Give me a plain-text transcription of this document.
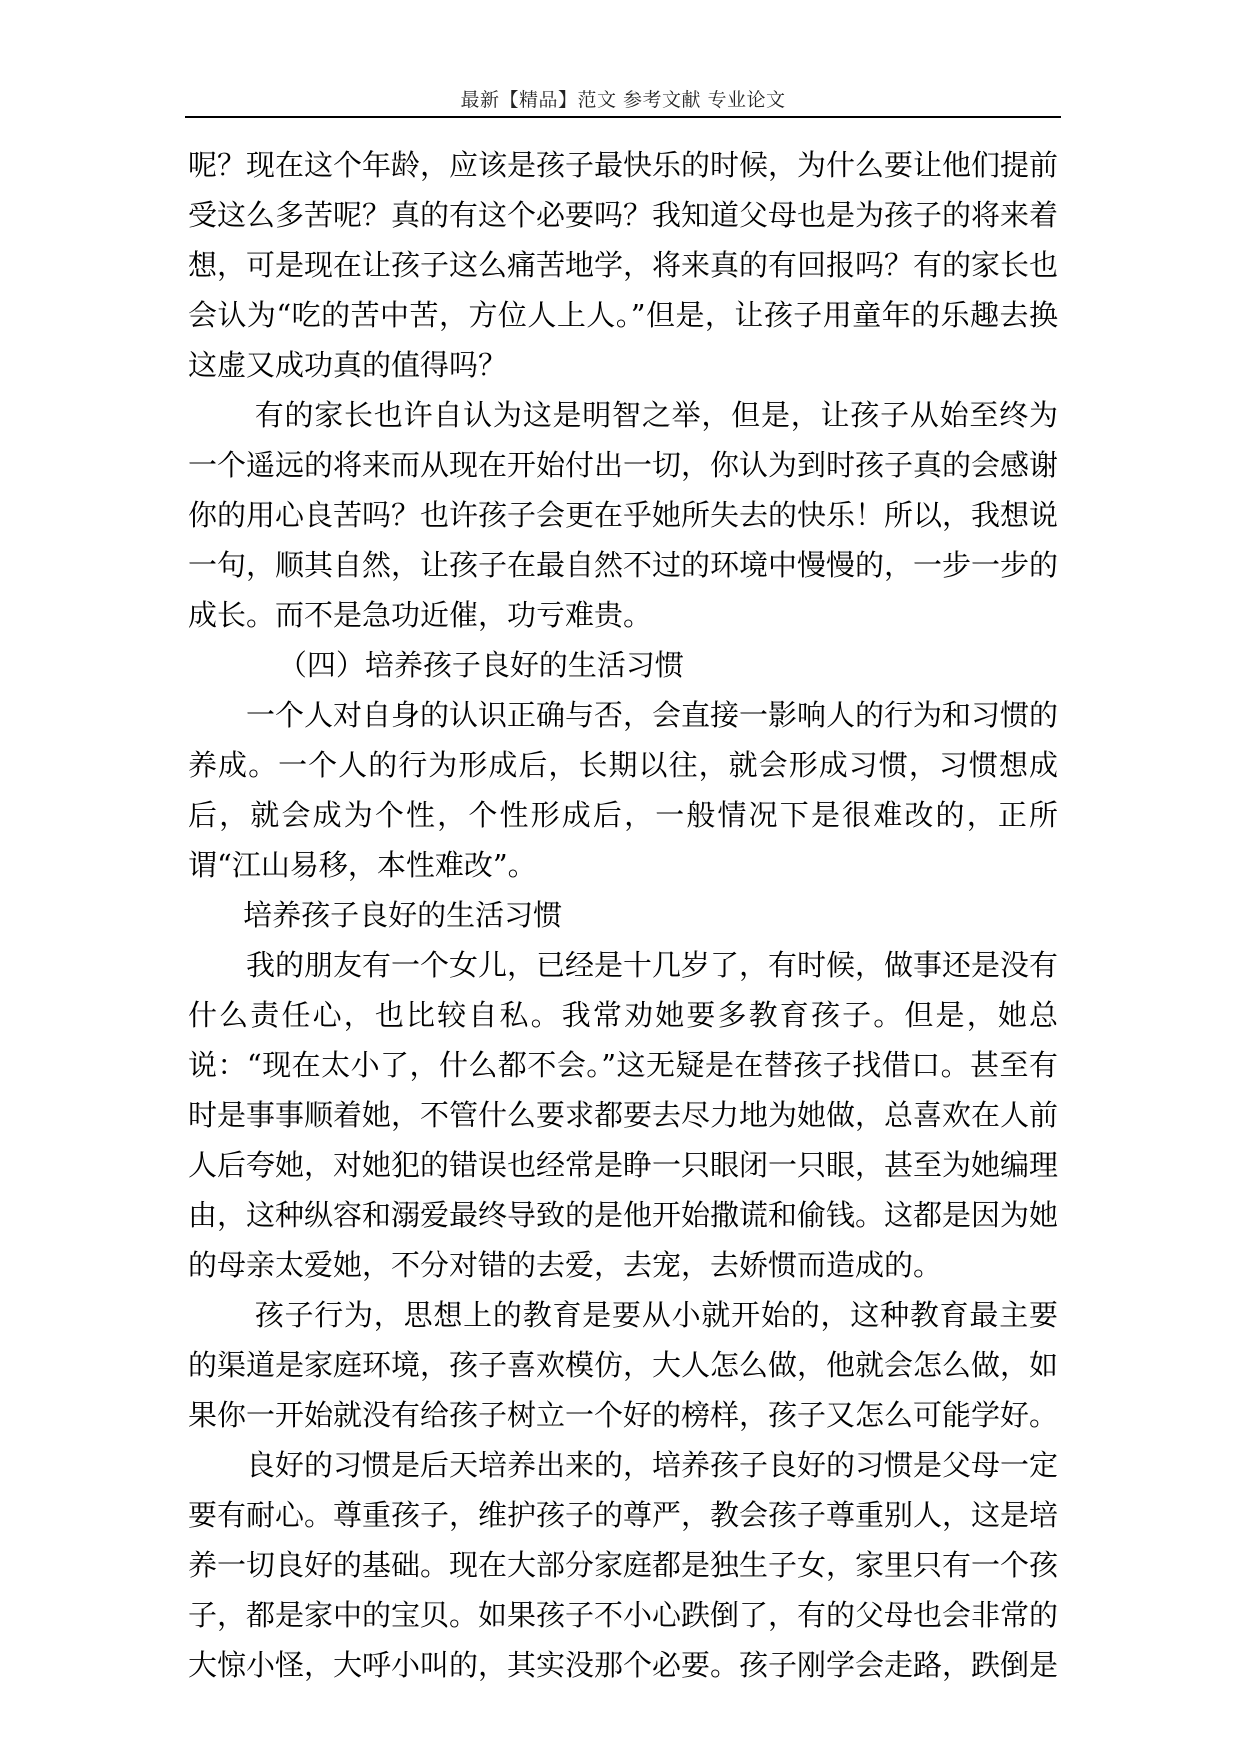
最新【精品】范文 参考文献 专业论文

呢？现在这个年龄，应该是孩子最快乐的时候，为什么要让他们提前受这么多苦呢？真的有这个必要吗？我知道父母也是为孩子的将来着想，可是现在让孩子这么痛苦地学，将来真的有回报吗？有的家长也会认为“吃的苦中苦，方位人上人。”但是，让孩子用童年的乐趣去换这虚又成功真的值得吗？

有的家长也许自认为这是明智之举，但是，让孩子从始至终为一个遥远的将来而从现在开始付出一切，你认为到时孩子真的会感谢你的用心良苦吗？也许孩子会更在乎她所失去的快乐！所以，我想说一句，顺其自然，让孩子在最自然不过的环境中慢慢的，一步一步的成长。而不是急功近催，功亏难贵。

（四）培养孩子良好的生活习惯

一个人对自身的认识正确与否，会直接一影响人的行为和习惯的养成。一个人的行为形成后，长期以往，就会形成习惯，习惯想成后，就会成为个性，个性形成后，一般情况下是很难改的，正所谓“江山易移，本性难改”。

培养孩子良好的生活习惯

我的朋友有一个女儿，已经是十几岁了，有时候，做事还是没有什么责任心，也比较自私。我常劝她要多教育孩子。但是，她总说：“现在太小了，什么都不会。”这无疑是在替孩子找借口。甚至有时是事事顺着她，不管什么要求都要去尽力地为她做，总喜欢在人前人后夸她，对她犯的错误也经常是睁一只眼闭一只眼，甚至为她编理由，这种纵容和溺爱最终导致的是他开始撒谎和偷钱。这都是因为她的母亲太爱她，不分对错的去爱，去宠，去娇惯而造成的。

孩子行为，思想上的教育是要从小就开始的，这种教育最主要的渠道是家庭环境，孩子喜欢模仿，大人怎么做，他就会怎么做，如果你一开始就没有给孩子树立一个好的榜样，孩子又怎么可能学好。

良好的习惯是后天培养出来的，培养孩子良好的习惯是父母一定要有耐心。尊重孩子，维护孩子的尊严，教会孩子尊重别人，这是培养一切良好的基础。现在大部分家庭都是独生子女，家里只有一个孩子，都是家中的宝贝。如果孩子不小心跌倒了，有的父母也会非常的大惊小怪，大呼小叫的，其实没那个必要。孩子刚学会走路，跌倒是
